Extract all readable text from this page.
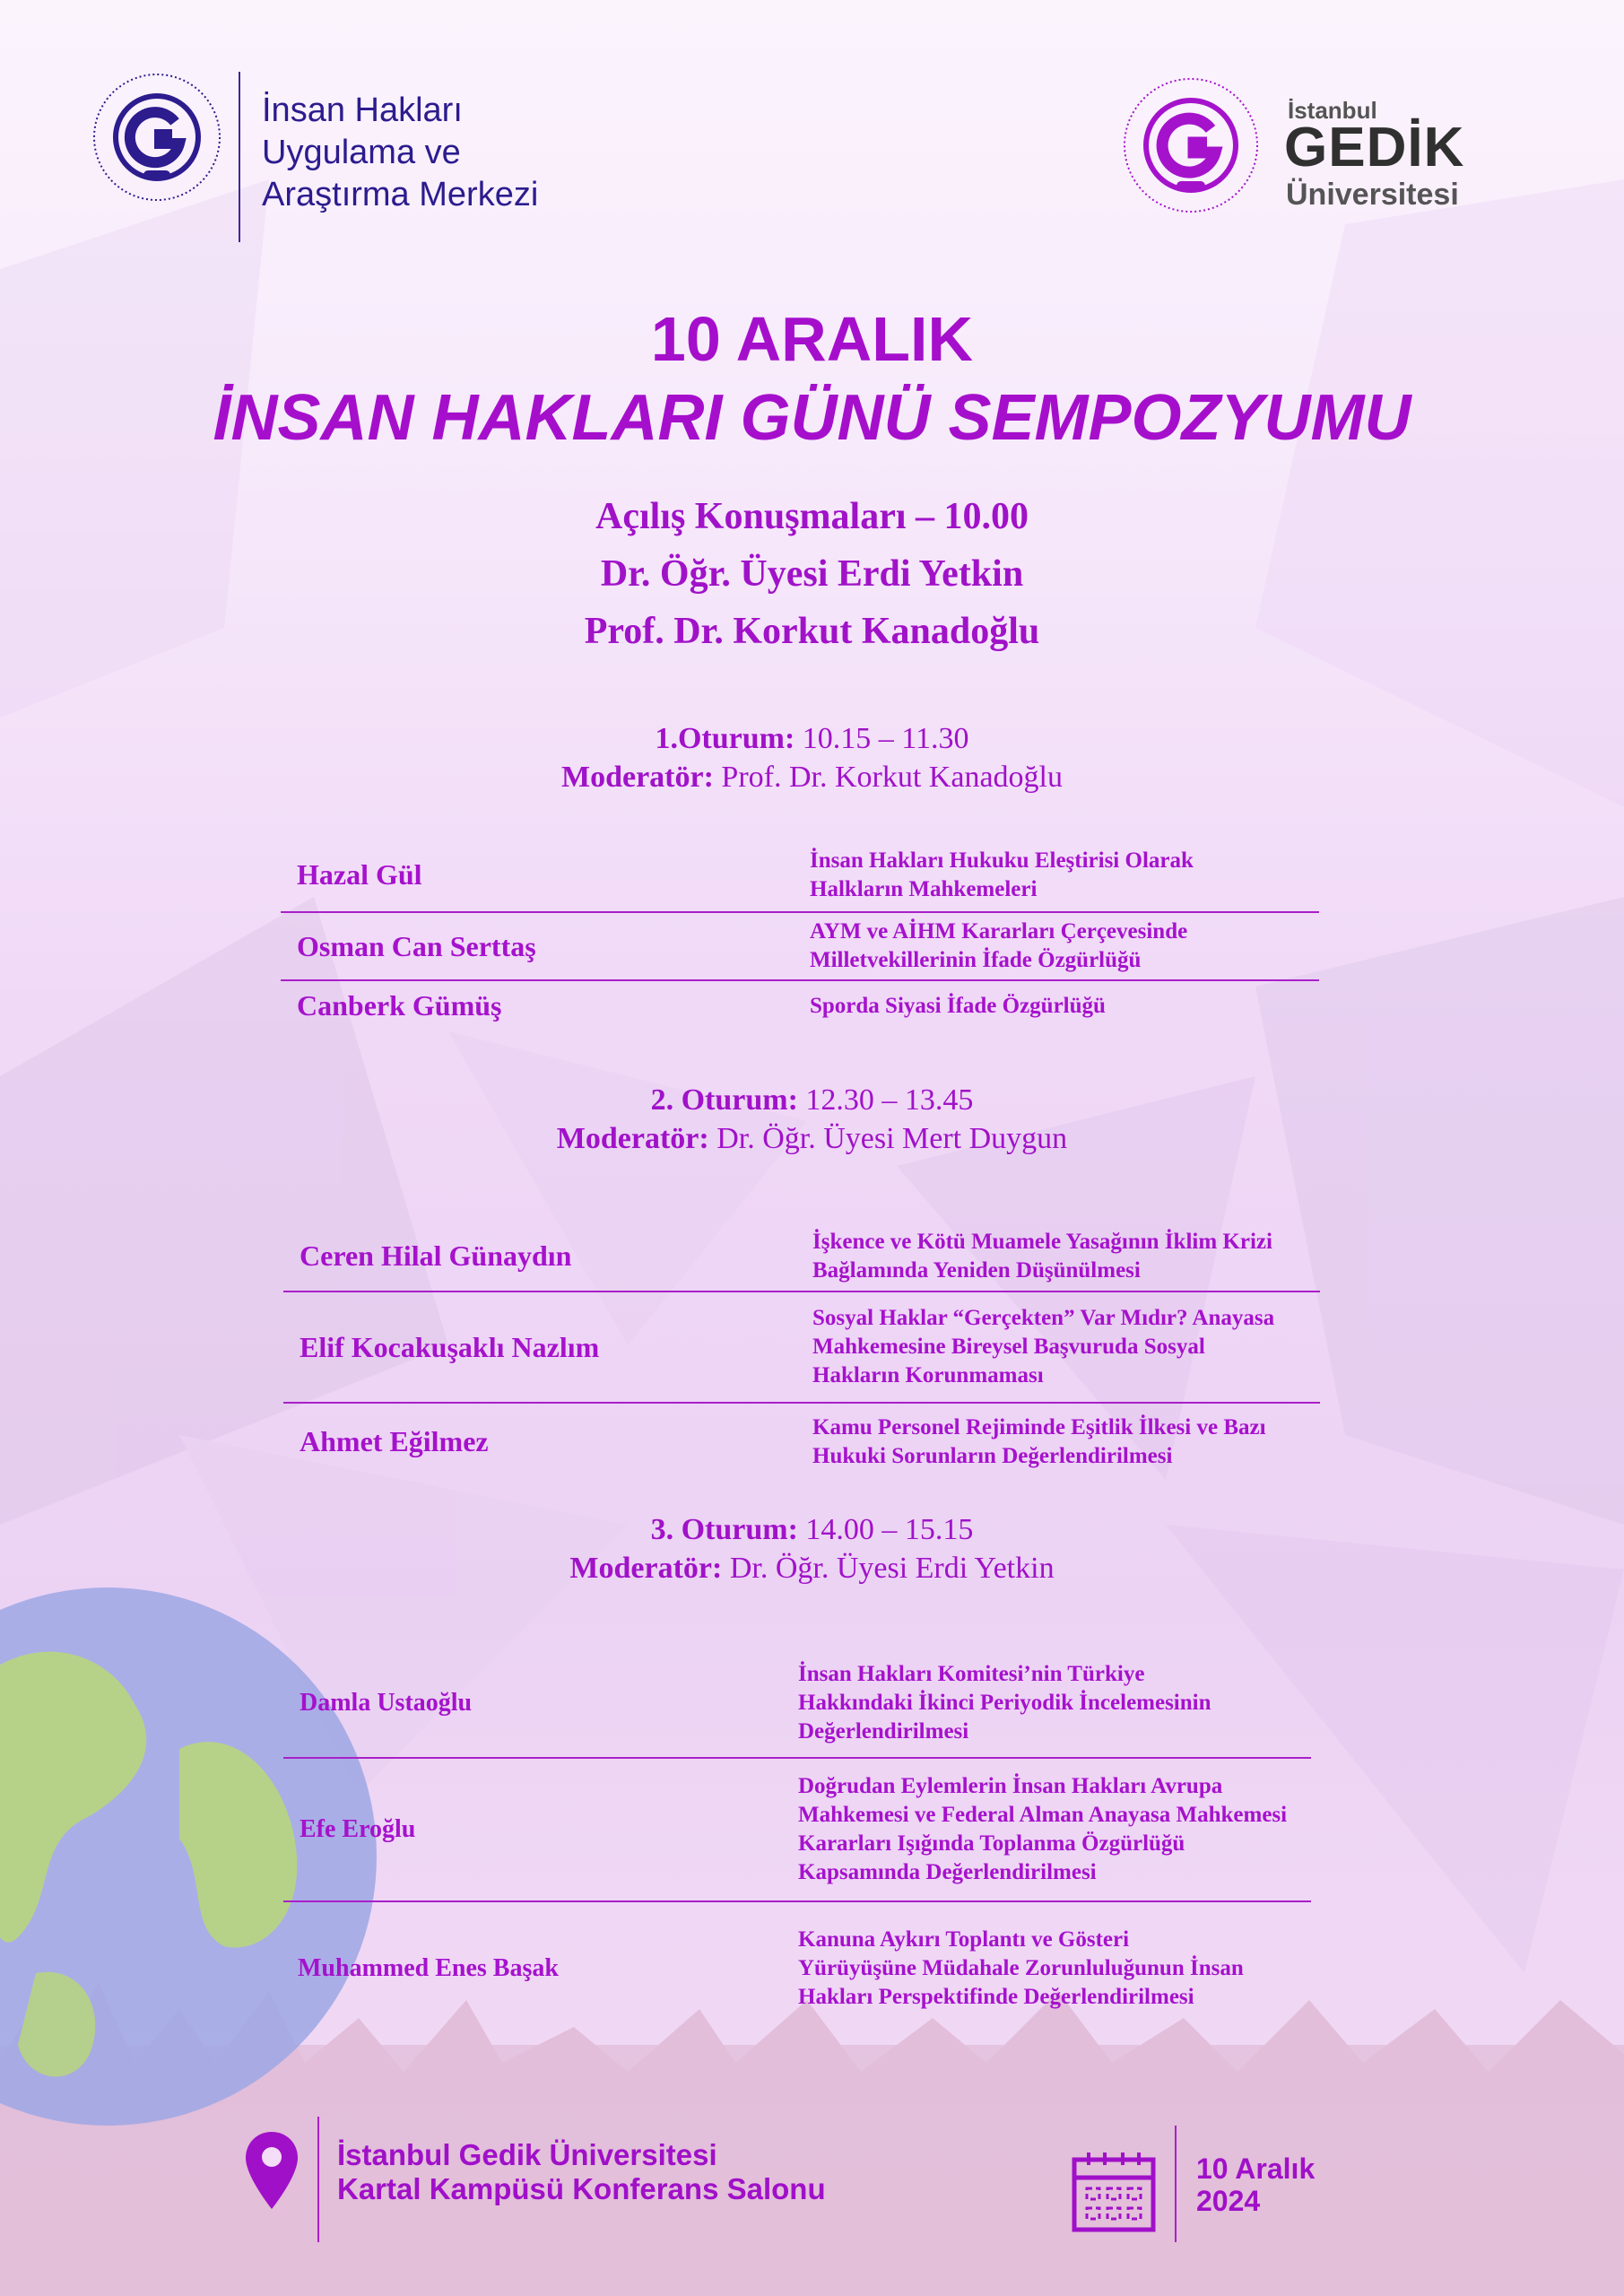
İnsan Hakları
Uygulama ve
Araştırma Merkezi
İstanbul
GEDİK
Üniversitesi
10 ARALIK
İNSAN HAKLARI GÜNÜ SEMPOZYUMU
Açılış Konuşmaları – 10.00
Dr. Öğr. Üyesi Erdi Yetkin
Prof. Dr. Korkut Kanadoğlu
1.Oturum: 10.15 – 11.30
Moderatör: Prof. Dr. Korkut Kanadoğlu
Hazal Gül	İnsan Hakları Hukuku Eleştirisi Olarak Halkların Mahkemeleri
Osman Can Serttaş	AYM ve AİHM Kararları Çerçevesinde Milletvekillerinin İfade Özgürlüğü
Canberk Gümüş	Sporda Siyasi İfade Özgürlüğü
2. Oturum: 12.30 – 13.45
Moderatör: Dr. Öğr. Üyesi Mert Duygun
Ceren Hilal Günaydın	İşkence ve Kötü Muamele Yasağının İklim Krizi Bağlamında Yeniden Düşünülmesi
Elif Kocakuşaklı Nazlım	Sosyal Haklar “Gerçekten” Var Mıdır? Anayasa Mahkemesine Bireysel Başvuruda Sosyal Hakların Korunmaması
Ahmet Eğilmez	Kamu Personel Rejiminde Eşitlik İlkesi ve Bazı Hukuki Sorunların Değerlendirilmesi
3. Oturum: 14.00 – 15.15
Moderatör: Dr. Öğr. Üyesi Erdi Yetkin
Damla Ustaoğlu	İnsan Hakları Komitesi’nin Türkiye Hakkındaki İkinci Periyodik İncelemesinin Değerlendirilmesi
Efe Eroğlu	Doğrudan Eylemlerin İnsan Hakları Avrupa Mahkemesi ve Federal Alman Anayasa Mahkemesi Kararları Işığında Toplanma Özgürlüğü Kapsamında Değerlendirilmesi
Muhammed Enes Başak	Kanuna Aykırı Toplantı ve Gösteri Yürüyüşüne Müdahale Zorunluluğunun İnsan Hakları Perspektifinde Değerlendirilmesi
İstanbul Gedik Üniversitesi
Kartal Kampüsü Konferans Salonu
10 Aralık
2024
